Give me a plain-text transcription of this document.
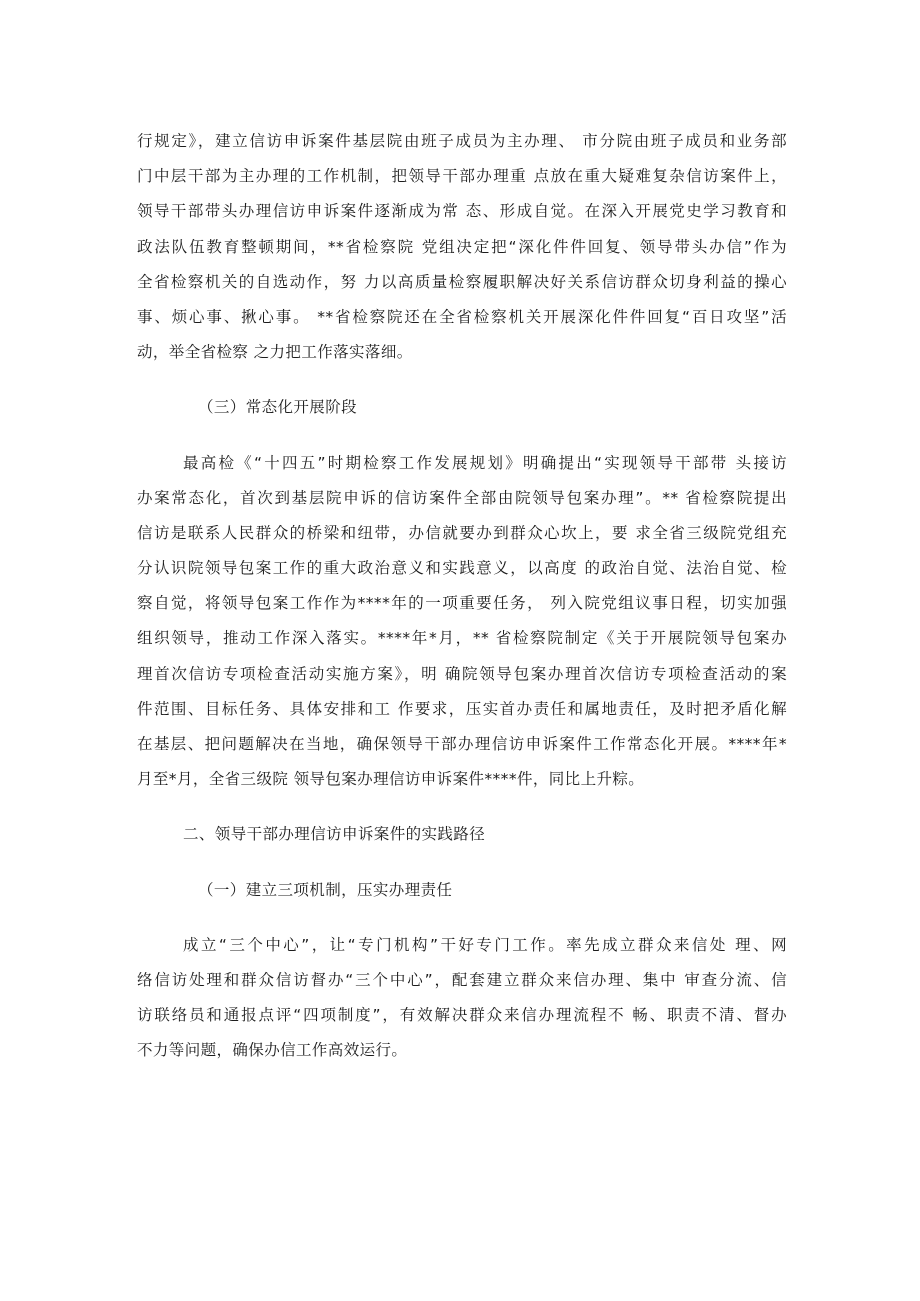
行规定》，建立信访申诉案件基层院由班子成员为主办理、 市分院由班子成员和业务部
门中层干部为主办理的工作机制，把领导干部办理重 点放在重大疑难复杂信访案件上，
领导干部带头办理信访申诉案件逐渐成为常 态、形成自觉。在深入开展党史学习教育和
政法队伍教育整顿期间，**省检察院 党组决定把“深化件件回复、领导带头办信”作为
全省检察机关的自选动作，努 力以高质量检察履职解决好关系信访群众切身利益的操心
事、烦心事、揪心事。 **省检察院还在全省检察机关开展深化件件回复“百日攻坚”活
动，举全省检察 之力把工作落实落细。
（三）常态化开展阶段
最高检《“十四五”时期检察工作发展规划》明确提出“实现领导干部带 头接访
办案常态化，首次到基层院申诉的信访案件全部由院领导包案办理”。** 省检察院提出
信访是联系人民群众的桥梁和纽带，办信就要办到群众心坎上，要 求全省三级院党组充
分认识院领导包案工作的重大政治意义和实践意义，以高度 的政治自觉、法治自觉、检
察自觉，将领导包案工作作为****年的一项重要任务， 列入院党组议事日程，切实加强
组织领导，推动工作深入落实。****年*月，** 省检察院制定《关于开展院领导包案办
理首次信访专项检查活动实施方案》，明 确院领导包案办理首次信访专项检查活动的案
件范围、目标任务、具体安排和工 作要求，压实首办责任和属地责任，及时把矛盾化解
在基层、把问题解决在当地，确保领导干部办理信访申诉案件工作常态化开展。****年*
月至*月，全省三级院 领导包案办理信访申诉案件****件，同比上升粽。
二、领导干部办理信访申诉案件的实践路径
（一）建立三项机制，压实办理责任
成立“三个中心”，让“专门机构”干好专门工作。率先成立群众来信处 理、网
络信访处理和群众信访督办“三个中心”，配套建立群众来信办理、集中 审查分流、信
访联络员和通报点评“四项制度”，有效解决群众来信办理流程不 畅、职责不清、督办
不力等问题，确保办信工作高效运行。
